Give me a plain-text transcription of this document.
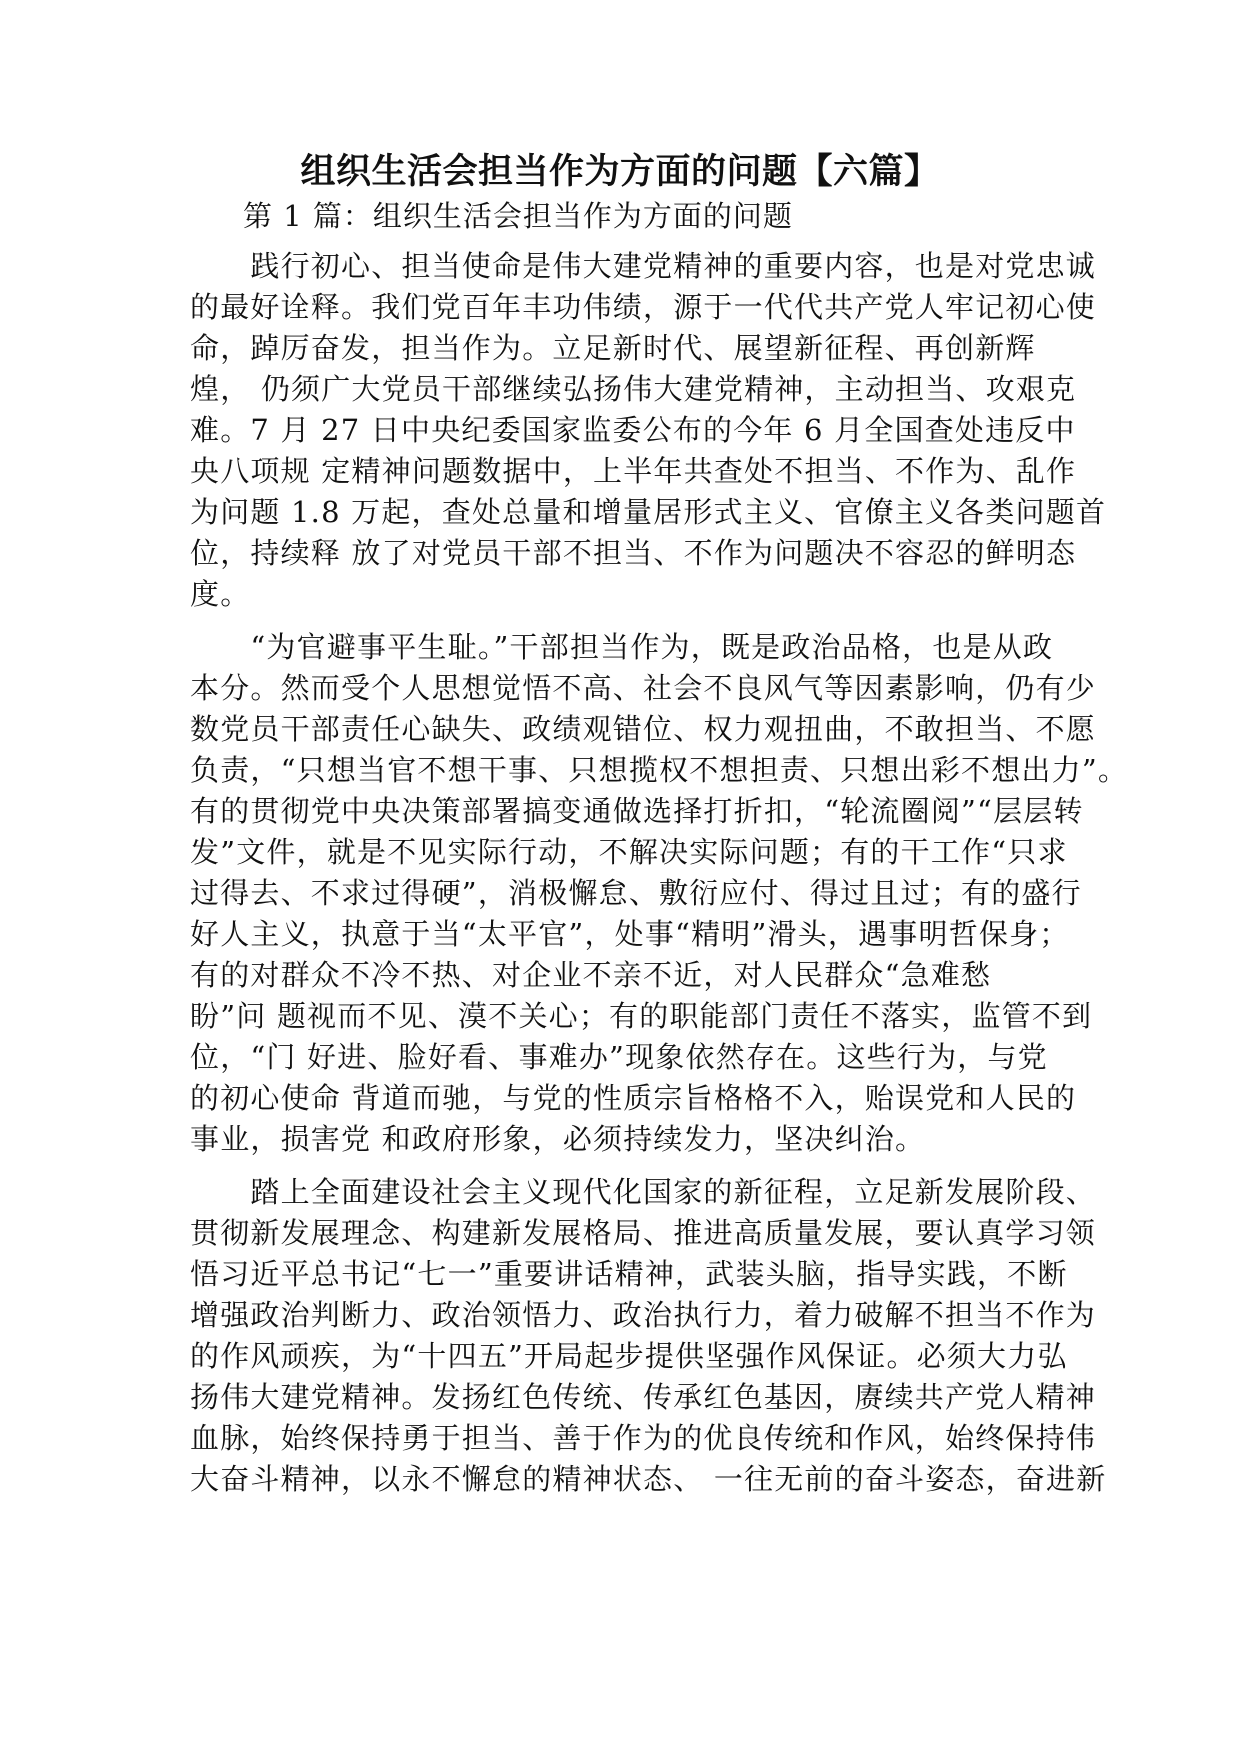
组织生活会担当作为方面的问题【六篇】

第 1 篇：组织生活会担当作为方面的问题

　　践行初心、担当使命是伟大建党精神的重要内容，也是对党忠诚
的最好诠释。我们党百年丰功伟绩，源于一代代共产党人牢记初心使
命，踔厉奋发，担当作为。立足新时代、展望新征程、再创新辉
煌， 仍须广大党员干部继续弘扬伟大建党精神，主动担当、攻艰克
难。7 月 27 日中央纪委国家监委公布的今年 6 月全国查处违反中
央八项规 定精神问题数据中，上半年共查处不担当、不作为、乱作
为问题 1.8 万起，查处总量和增量居形式主义、官僚主义各类问题首
位，持续释 放了对党员干部不担当、不作为问题决不容忍的鲜明态
度。
　　“为官避事平生耻。”干部担当作为，既是政治品格，也是从政
本分。然而受个人思想觉悟不高、社会不良风气等因素影响，仍有少
数党员干部责任心缺失、政绩观错位、权力观扭曲，不敢担当、不愿
负责，“只想当官不想干事、只想揽权不想担责、只想出彩不想出力”。
有的贯彻党中央决策部署搞变通做选择打折扣，“轮流圈阅”“层层转
发”文件，就是不见实际行动，不解决实际问题；有的干工作“只求
过得去、不求过得硬”，消极懈怠、敷衍应付、得过且过；有的盛行
好人主义，执意于当“太平官”，处事“精明”滑头，遇事明哲保身；
有的对群众不冷不热、对企业不亲不近，对人民群众“急难愁
盼”问 题视而不见、漠不关心；有的职能部门责任不落实，监管不到
位，“门 好进、脸好看、事难办”现象依然存在。这些行为，与党
的初心使命 背道而驰，与党的性质宗旨格格不入，贻误党和人民的
事业，损害党 和政府形象，必须持续发力，坚决纠治。
　　踏上全面建设社会主义现代化国家的新征程，立足新发展阶段、
贯彻新发展理念、构建新发展格局、推进高质量发展，要认真学习领
悟习近平总书记“七一”重要讲话精神，武装头脑，指导实践，不断
增强政治判断力、政治领悟力、政治执行力，着力破解不担当不作为
的作风顽疾，为“十四五”开局起步提供坚强作风保证。必须大力弘
扬伟大建党精神。发扬红色传统、传承红色基因，赓续共产党人精神
血脉，始终保持勇于担当、善于作为的优良传统和作风，始终保持伟
大奋斗精神，以永不懈怠的精神状态、 一往无前的奋斗姿态，奋进新
